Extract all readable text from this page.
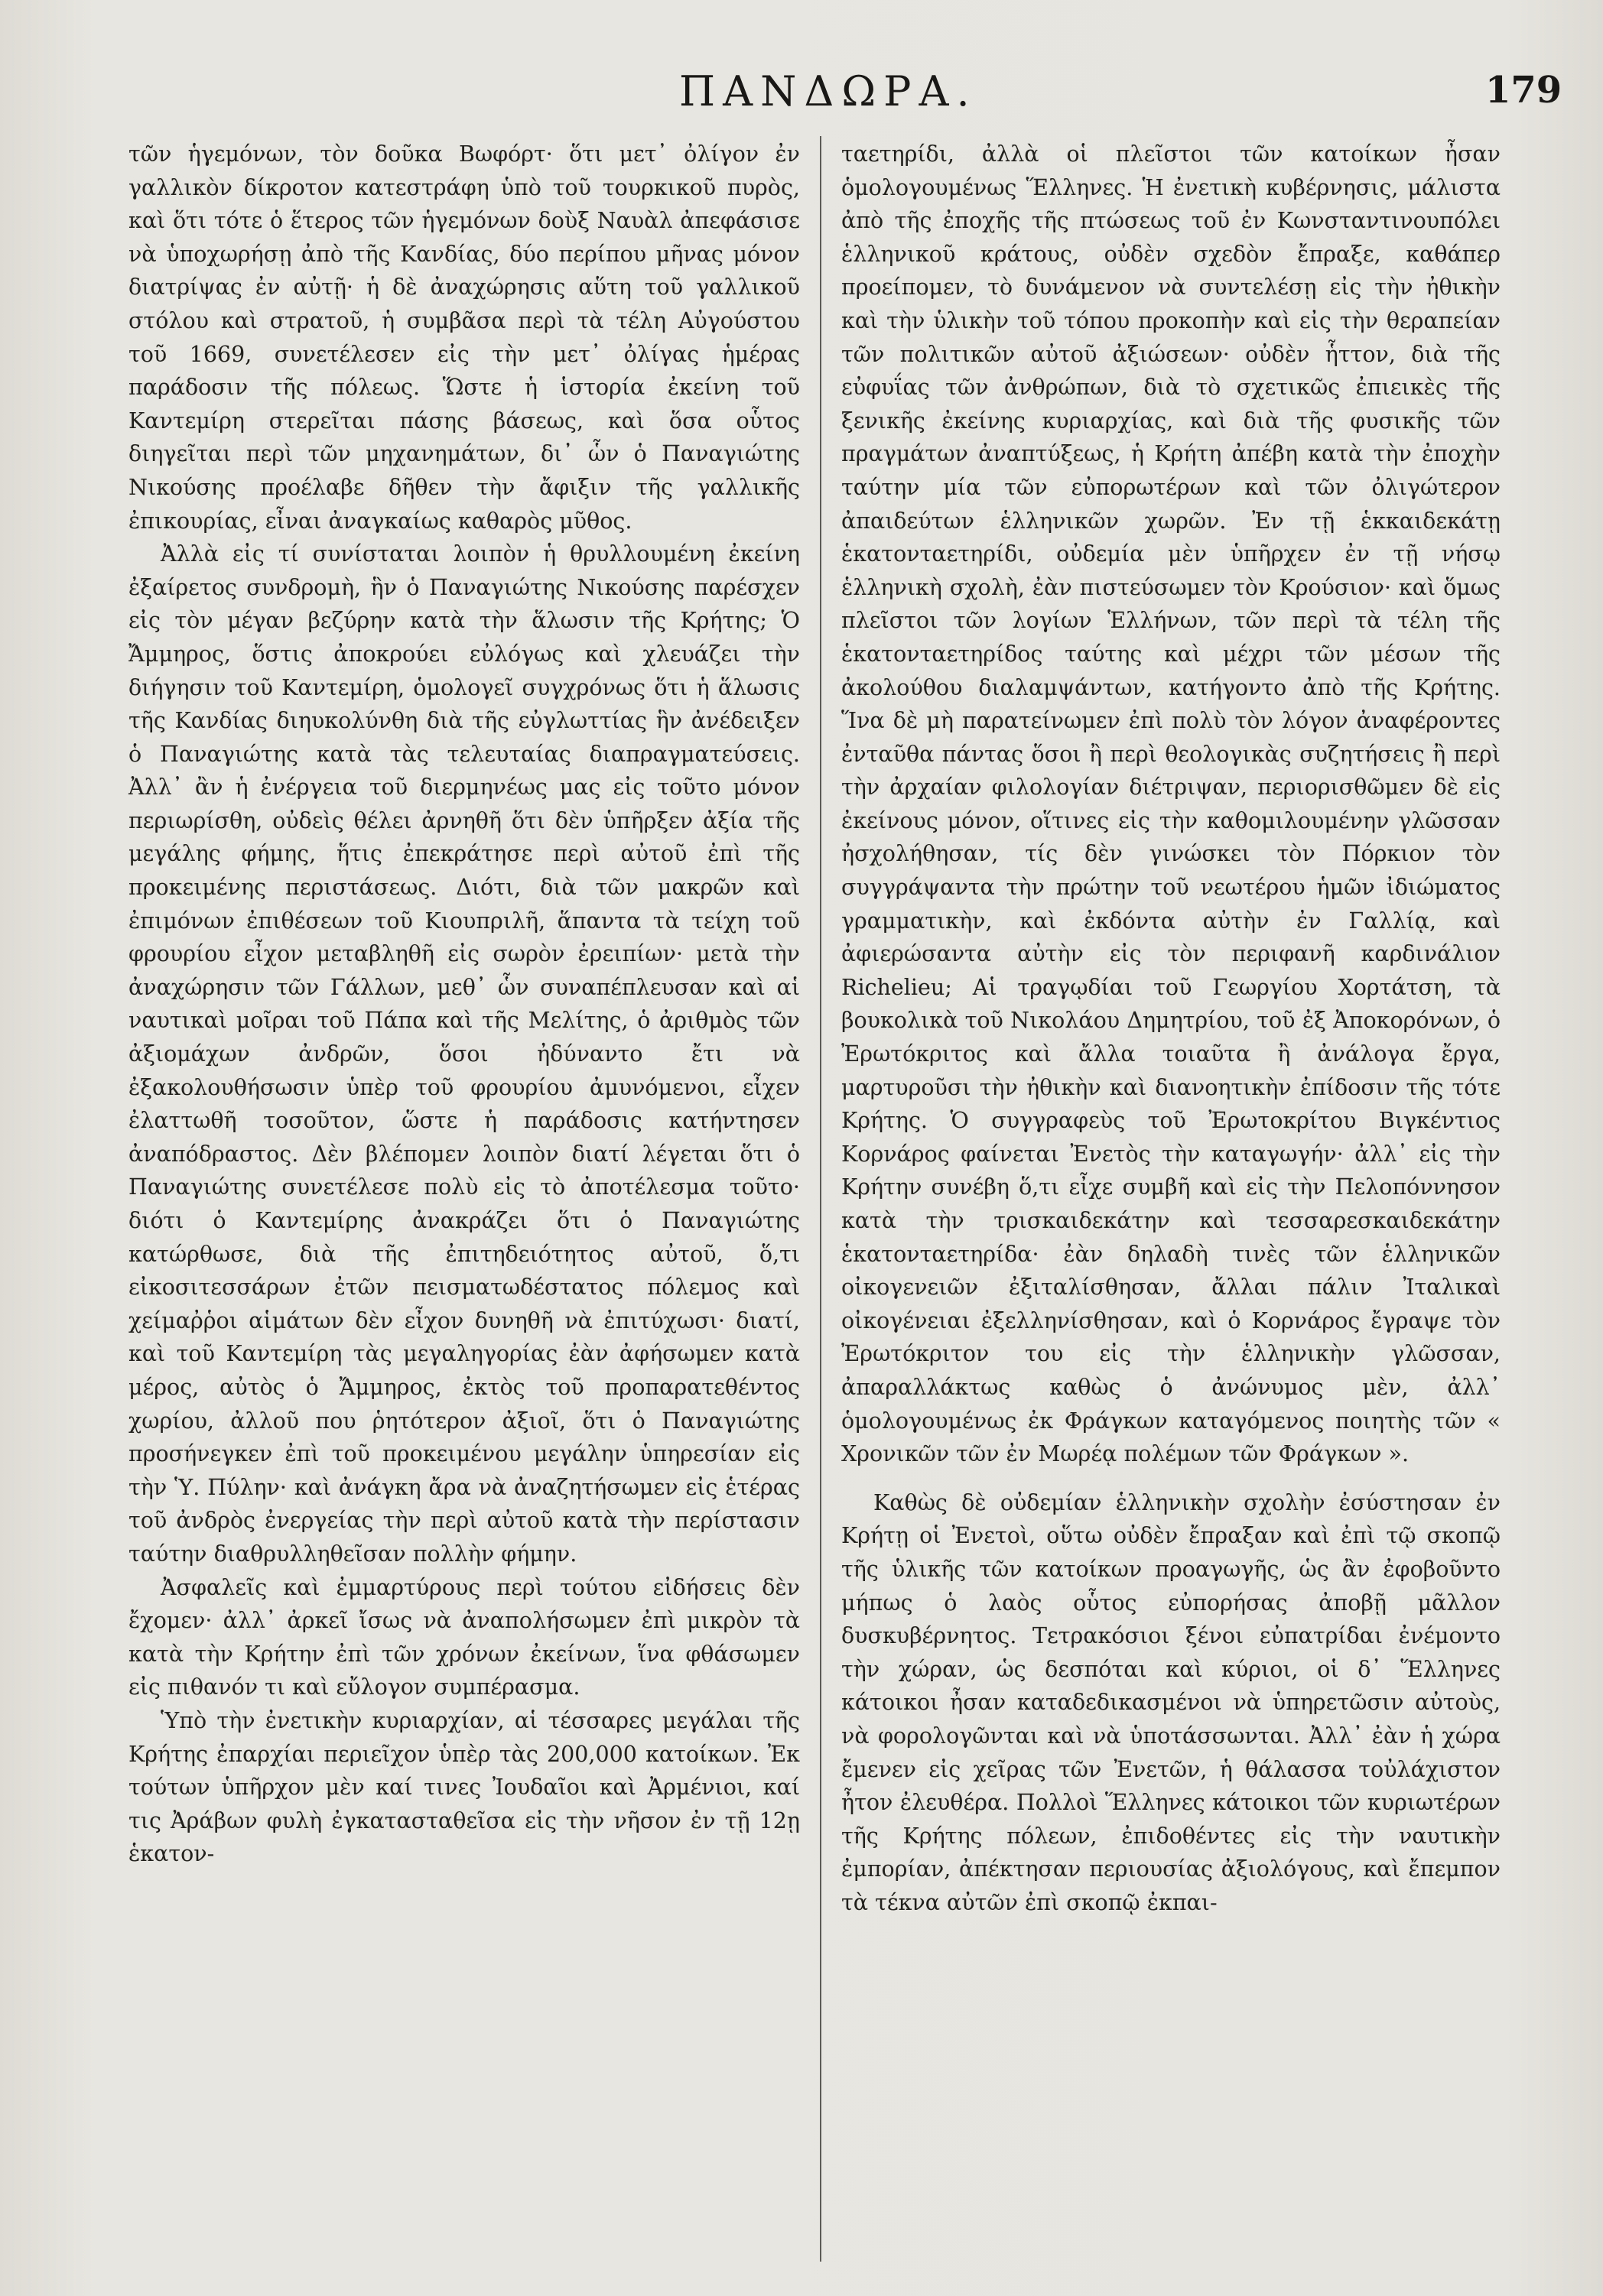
ΠΑΝΔΩΡΑ.	179

τῶν ἡγεμόνων, τὸν δοῦκα Βωφόρτ· ὅτι μετ᾽ ὀλίγον ἐν γαλλικὸν δίκροτον κατεστράφη ὑπὸ τοῦ τουρκικοῦ πυρὸς, καὶ ὅτι τότε ὁ ἕτερος τῶν ἡγεμόνων δοὺξ Ναυὰλ ἀπεφάσισε νὰ ὑποχωρήσῃ ἀπὸ τῆς Κανδίας, δύο περίπου μῆνας μόνον διατρίψας ἐν αὐτῇ· ἡ δὲ ἀναχώρησις αὕτη τοῦ γαλλικοῦ στόλου καὶ στρατοῦ, ἡ συμβᾶσα περὶ τὰ τέλη Αὐγούστου τοῦ 1669, συνετέλεσεν εἰς τὴν μετ᾽ ὀλίγας ἡμέρας παράδοσιν τῆς πόλεως. Ὥστε ἡ ἱστορία ἐκείνη τοῦ Καντεμίρη στερεῖται πάσης βάσεως, καὶ ὅσα οὗτος διηγεῖται περὶ τῶν μηχανημάτων, δι᾽ ὧν ὁ Παναγιώτης Νικούσης προέλαβε δῆθεν τὴν ἄφιξιν τῆς γαλλικῆς ἐπικουρίας, εἶναι ἀναγκαίως καθαρὸς μῦθος.

Ἀλλὰ εἰς τί συνίσταται λοιπὸν ἡ θρυλλουμένη ἐκείνη ἐξαίρετος συνδρομὴ, ἣν ὁ Παναγιώτης Νικούσης παρέσχεν εἰς τὸν μέγαν βεζύρην κατὰ τὴν ἅλωσιν τῆς Κρήτης; Ὁ Ἄμμηρος, ὅστις ἀποκρούει εὐλόγως καὶ χλευάζει τὴν διήγησιν τοῦ Καντεμίρη, ὁμολογεῖ συγχρόνως ὅτι ἡ ἅλωσις τῆς Κανδίας διηυκολύνθη διὰ τῆς εὐγλωττίας ἣν ἀνέδειξεν ὁ Παναγιώτης κατὰ τὰς τελευταίας διαπραγματεύσεις. Ἀλλ᾽ ἂν ἡ ἐνέργεια τοῦ διερμηνέως μας εἰς τοῦτο μόνον περιωρίσθη, οὐδεὶς θέλει ἀρνηθῆ ὅτι δὲν ὑπῆρξεν ἀξία τῆς μεγάλης φήμης, ἥτις ἐπεκράτησε περὶ αὐτοῦ ἐπὶ τῆς προκειμένης περιστάσεως. Διότι, διὰ τῶν μακρῶν καὶ ἐπιμόνων ἐπιθέσεων τοῦ Κιουπριλῆ, ἅπαντα τὰ τείχη τοῦ φρουρίου εἶχον μεταβληθῆ εἰς σωρὸν ἐρειπίων· μετὰ τὴν ἀναχώρησιν τῶν Γάλλων, μεθ᾽ ὧν συναπέπλευσαν καὶ αἱ ναυτικαὶ μοῖραι τοῦ Πάπα καὶ τῆς Μελίτης, ὁ ἀριθμὸς τῶν ἀξιομάχων ἀνδρῶν, ὅσοι ἠδύναντο ἔτι νὰ ἐξακολουθήσωσιν ὑπὲρ τοῦ φρουρίου ἀμυνόμενοι, εἶχεν ἐλαττωθῆ τοσοῦτον, ὥστε ἡ παράδοσις κατήντησεν ἀναπόδραστος. Δὲν βλέπομεν λοιπὸν διατί λέγεται ὅτι ὁ Παναγιώτης συνετέλεσε πολὺ εἰς τὸ ἀποτέλεσμα τοῦτο· διότι ὁ Καντεμίρης ἀνακράζει ὅτι ὁ Παναγιώτης κατώρθωσε, διὰ τῆς ἐπιτηδειότητος αὐτοῦ, ὅ,τι εἰκοσιτεσσάρων ἐτῶν πεισματωδέστατος πόλεμος καὶ χείμαῤῥοι αἱμάτων δὲν εἶχον δυνηθῆ νὰ ἐπιτύχωσι· διατί, καὶ τοῦ Καντεμίρη τὰς μεγαληγορίας ἐὰν ἀφήσωμεν κατὰ μέρος, αὐτὸς ὁ Ἄμμηρος, ἐκτὸς τοῦ προπαρατεθέντος χωρίου, ἀλλοῦ που ῥητότερον ἀξιοῖ, ὅτι ὁ Παναγιώτης προσήνεγκεν ἐπὶ τοῦ προκειμένου μεγάλην ὑπηρεσίαν εἰς τὴν Ὑ. Πύλην· καὶ ἀνάγκη ἄρα νὰ ἀναζητήσωμεν εἰς ἑτέρας τοῦ ἀνδρὸς ἐνεργείας τὴν περὶ αὐτοῦ κατὰ τὴν περίστασιν ταύτην διαθρυλληθεῖσαν πολλὴν φήμην.

Ἀσφαλεῖς καὶ ἐμμαρτύρους περὶ τούτου εἰδήσεις δὲν ἔχομεν· ἀλλ᾽ ἀρκεῖ ἴσως νὰ ἀναπολήσωμεν ἐπὶ μικρὸν τὰ κατὰ τὴν Κρήτην ἐπὶ τῶν χρόνων ἐκείνων, ἵνα φθάσωμεν εἰς πιθανόν τι καὶ εὔλογον συμπέρασμα.

Ὑπὸ τὴν ἐνετικὴν κυριαρχίαν, αἱ τέσσαρες μεγάλαι τῆς Κρήτης ἐπαρχίαι περιεῖχον ὑπὲρ τὰς 200,000 κατοίκων. Ἐκ τούτων ὑπῆρχον μὲν καί τινες Ἰουδαῖοι καὶ Ἀρμένιοι, καί τις Ἀράβων φυλὴ ἐγκατασταθεῖσα εἰς τὴν νῆσον ἐν τῇ 12ῃ ἑκατον-

ταετηρίδι, ἀλλὰ οἱ πλεῖστοι τῶν κατοίκων ἦσαν ὁμολογουμένως Ἕλληνες. Ἡ ἐνετικὴ κυβέρνησις, μάλιστα ἀπὸ τῆς ἐποχῆς τῆς πτώσεως τοῦ ἐν Κωνσταντινουπόλει ἑλληνικοῦ κράτους, οὐδὲν σχεδὸν ἔπραξε, καθάπερ προείπομεν, τὸ δυνάμενον νὰ συντελέσῃ εἰς τὴν ἠθικὴν καὶ τὴν ὑλικὴν τοῦ τόπου προκοπὴν καὶ εἰς τὴν θεραπείαν τῶν πολιτικῶν αὐτοῦ ἀξιώσεων· οὐδὲν ἧττον, διὰ τῆς εὐφυΐας τῶν ἀνθρώπων, διὰ τὸ σχετικῶς ἐπιεικὲς τῆς ξενικῆς ἐκείνης κυριαρχίας, καὶ διὰ τῆς φυσικῆς τῶν πραγμάτων ἀναπτύξεως, ἡ Κρήτη ἀπέβη κατὰ τὴν ἐποχὴν ταύτην μία τῶν εὐπορωτέρων καὶ τῶν ὀλιγώτερον ἀπαιδεύτων ἑλληνικῶν χωρῶν. Ἐν τῇ ἑκκαιδεκάτῃ ἑκατονταετηρίδι, οὐδεμία μὲν ὑπῆρχεν ἐν τῇ νήσῳ ἑλληνικὴ σχολὴ, ἐὰν πιστεύσωμεν τὸν Κρούσιον· καὶ ὅμως πλεῖστοι τῶν λογίων Ἑλλήνων, τῶν περὶ τὰ τέλη τῆς ἑκατονταετηρίδος ταύτης καὶ μέχρι τῶν μέσων τῆς ἀκολούθου διαλαμψάντων, κατήγοντο ἀπὸ τῆς Κρήτης. Ἵνα δὲ μὴ παρατείνωμεν ἐπὶ πολὺ τὸν λόγον ἀναφέροντες ἐνταῦθα πάντας ὅσοι ἢ περὶ θεολογικὰς συζητήσεις ἢ περὶ τὴν ἀρχαίαν φιλολογίαν διέτριψαν, περιορισθῶμεν δὲ εἰς ἐκείνους μόνον, οἵτινες εἰς τὴν καθομιλουμένην γλῶσσαν ἠσχολήθησαν, τίς δὲν γινώσκει τὸν Πόρκιον τὸν συγγράψαντα τὴν πρώτην τοῦ νεωτέρου ἡμῶν ἰδιώματος γραμματικὴν, καὶ ἐκδόντα αὐτὴν ἐν Γαλλίᾳ, καὶ ἀφιερώσαντα αὐτὴν εἰς τὸν περιφανῆ καρδινάλιον Richelieu; Αἱ τραγῳδίαι τοῦ Γεωργίου Χορτάτση, τὰ βουκολικὰ τοῦ Νικολάου Δημητρίου, τοῦ ἐξ Ἀποκορόνων, ὁ Ἐρωτόκριτος καὶ ἄλλα τοιαῦτα ἢ ἀνάλογα ἔργα, μαρτυροῦσι τὴν ἠθικὴν καὶ διανοητικὴν ἐπίδοσιν τῆς τότε Κρήτης. Ὁ συγγραφεὺς τοῦ Ἐρωτοκρίτου Βιγκέντιος Κορνάρος φαίνεται Ἐνετὸς τὴν καταγωγήν· ἀλλ᾽ εἰς τὴν Κρήτην συνέβη ὅ,τι εἶχε συμβῆ καὶ εἰς τὴν Πελοπόννησον κατὰ τὴν τρισκαιδεκάτην καὶ τεσσαρεσκαιδεκάτην ἑκατονταετηρίδα· ἐὰν δηλαδὴ τινὲς τῶν ἑλληνικῶν οἰκογενειῶν ἐξιταλίσθησαν, ἄλλαι πάλιν Ἰταλικαὶ οἰκογένειαι ἐξελληνίσθησαν, καὶ ὁ Κορνάρος ἔγραψε τὸν Ἐρωτόκριτον του εἰς τὴν ἑλληνικὴν γλῶσσαν, ἀπαραλλάκτως καθὼς ὁ ἀνώνυμος μὲν, ἀλλ᾽ ὁμολογουμένως ἐκ Φράγκων καταγόμενος ποιητὴς τῶν « Χρονικῶν τῶν ἐν Μωρέᾳ πολέμων τῶν Φράγκων ».

Καθὼς δὲ οὐδεμίαν ἑλληνικὴν σχολὴν ἐσύστησαν ἐν Κρήτῃ οἱ Ἐνετοὶ, οὕτω οὐδὲν ἔπραξαν καὶ ἐπὶ τῷ σκοπῷ τῆς ὑλικῆς τῶν κατοίκων προαγωγῆς, ὡς ἂν ἐφοβοῦντο μήπως ὁ λαὸς οὗτος εὐπορήσας ἀποβῇ μᾶλλον δυσκυβέρνητος. Τετρακόσιοι ξένοι εὐπατρίδαι ἐνέμοντο τὴν χώραν, ὡς δεσπόται καὶ κύριοι, οἱ δ᾽ Ἕλληνες κάτοικοι ἦσαν καταδεδικασμένοι νὰ ὑπηρετῶσιν αὐτοὺς, νὰ φορολογῶνται καὶ νὰ ὑποτάσσωνται. Ἀλλ᾽ ἐὰν ἡ χώρα ἔμενεν εἰς χεῖρας τῶν Ἐνετῶν, ἡ θάλασσα τοὐλάχιστον ἦτον ἐλευθέρα. Πολλοὶ Ἕλληνες κάτοικοι τῶν κυριωτέρων τῆς Κρήτης πόλεων, ἐπιδοθέντες εἰς τὴν ναυτικὴν ἐμπορίαν, ἀπέκτησαν περιουσίας ἀξιολόγους, καὶ ἔπεμπον τὰ τέκνα αὐτῶν ἐπὶ σκοπῷ ἐκπαι-
